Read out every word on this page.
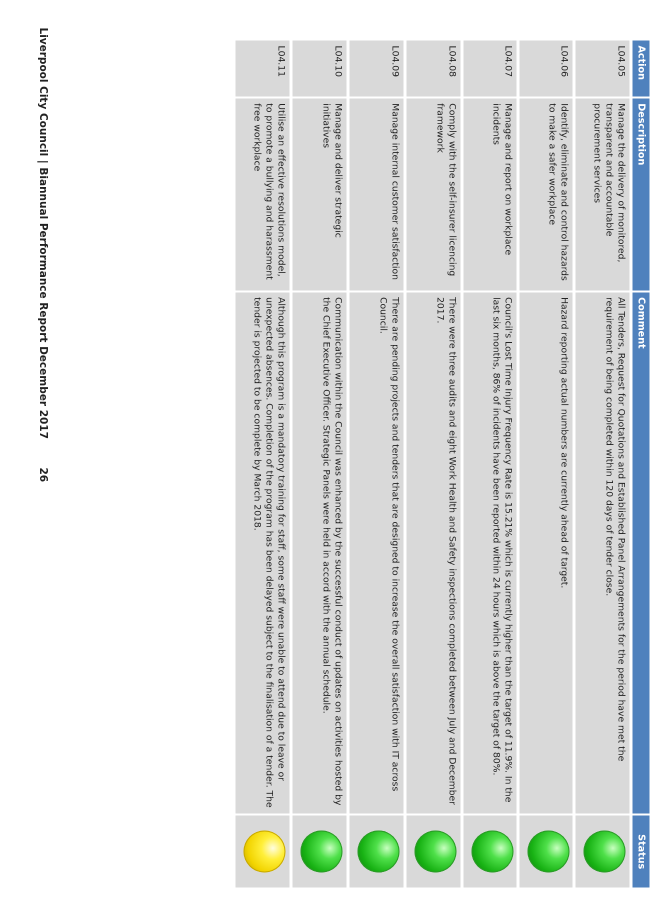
Liverpool City Council | Biannual Performance Report December 2017
26
Action	Description	Comment	Status
L04.05	Manage the delivery of monitored, transparent and accountable procurement services	All Tenders, Request for Quotations and Established Panel Arrangements for the period have met the requirement of being completed within 120 days of tender close.	
L04.06	Identify, eliminate and control hazards to make a safer workplace	Hazard reporting actual numbers are currently ahead of target.	
L04.07	Manage and report on workplace incidents	Council's Lost Time Injury Frequency Rate is 15.21% which is currently higher than the target of 11.9%. In the last six months, 86% of incidents have been reported within 24 hours which is above the target of 80%.	
L04.08	Comply with the self-insurer licencing framework	There were three audits and eight Work Health and Safety inspections completed between July and December 2017.	
L04.09	Manage internal customer satisfaction	There are pending projects and tenders that are designed to increase the overall satisfaction with IT across Council.	
L04.10	Manage and deliver strategic initiatives	Communication within the Council was enhanced by the successful conduct of updates on activities hosted by the Chief Executive Officer. Strategic Panels were held in accord with the annual schedule.	
L04.11	Utilise an effective resolutions model, to promote a bullying and harassment free workplace	Although this program is a mandatory training for staff, some staff were unable to attend due to leave or unexpected absences. Completion of the program has been delayed subject to the finalisation of a tender. The tender is projected to be complete by March 2018.	
